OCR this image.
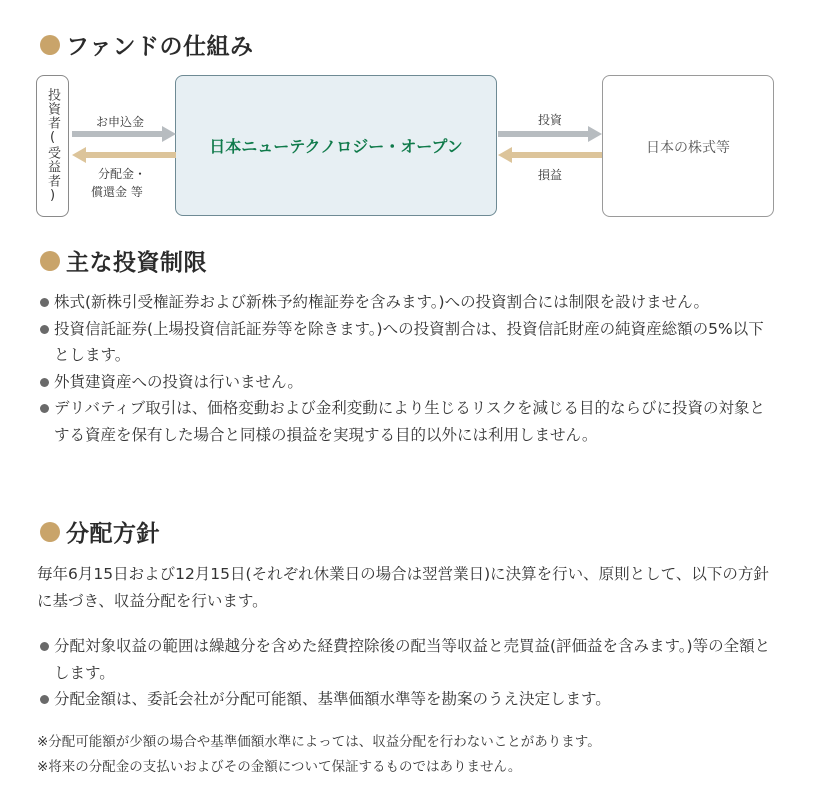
ファンドの仕組み
投資者(受益者)	日本ニューテクノロジー・オープン	日本の株式等
お申込金
分配金・
償還金 等
投資
損益
主な投資制限
株式(新株引受権証券および新株予約権証券を含みます。)への投資割合には制限を設けません。
投資信託証券(上場投資信託証券等を除きます。)への投資割合は、投資信託財産の純資産総額の5%以下とします。
外貨建資産への投資は行いません。
デリバティブ取引は、価格変動および金利変動により生じるリスクを減じる目的ならびに投資の対象とする資産を保有した場合と同様の損益を実現する目的以外には利用しません。
分配方針

毎年6月15日および12月15日(それぞれ休業日の場合は翌営業日)に決算を行い、原則として、以下の方針に基づき、収益分配を行います。

分配対象収益の範囲は繰越分を含めた経費控除後の配当等収益と売買益(評価益を含みます。)等の全額とします。
分配金額は、委託会社が分配可能額、基準価額水準等を勘案のうえ決定します。
※分配可能額が少額の場合や基準価額水準によっては、収益分配を行わないことがあります。
※将来の分配金の支払いおよびその金額について保証するものではありません。
